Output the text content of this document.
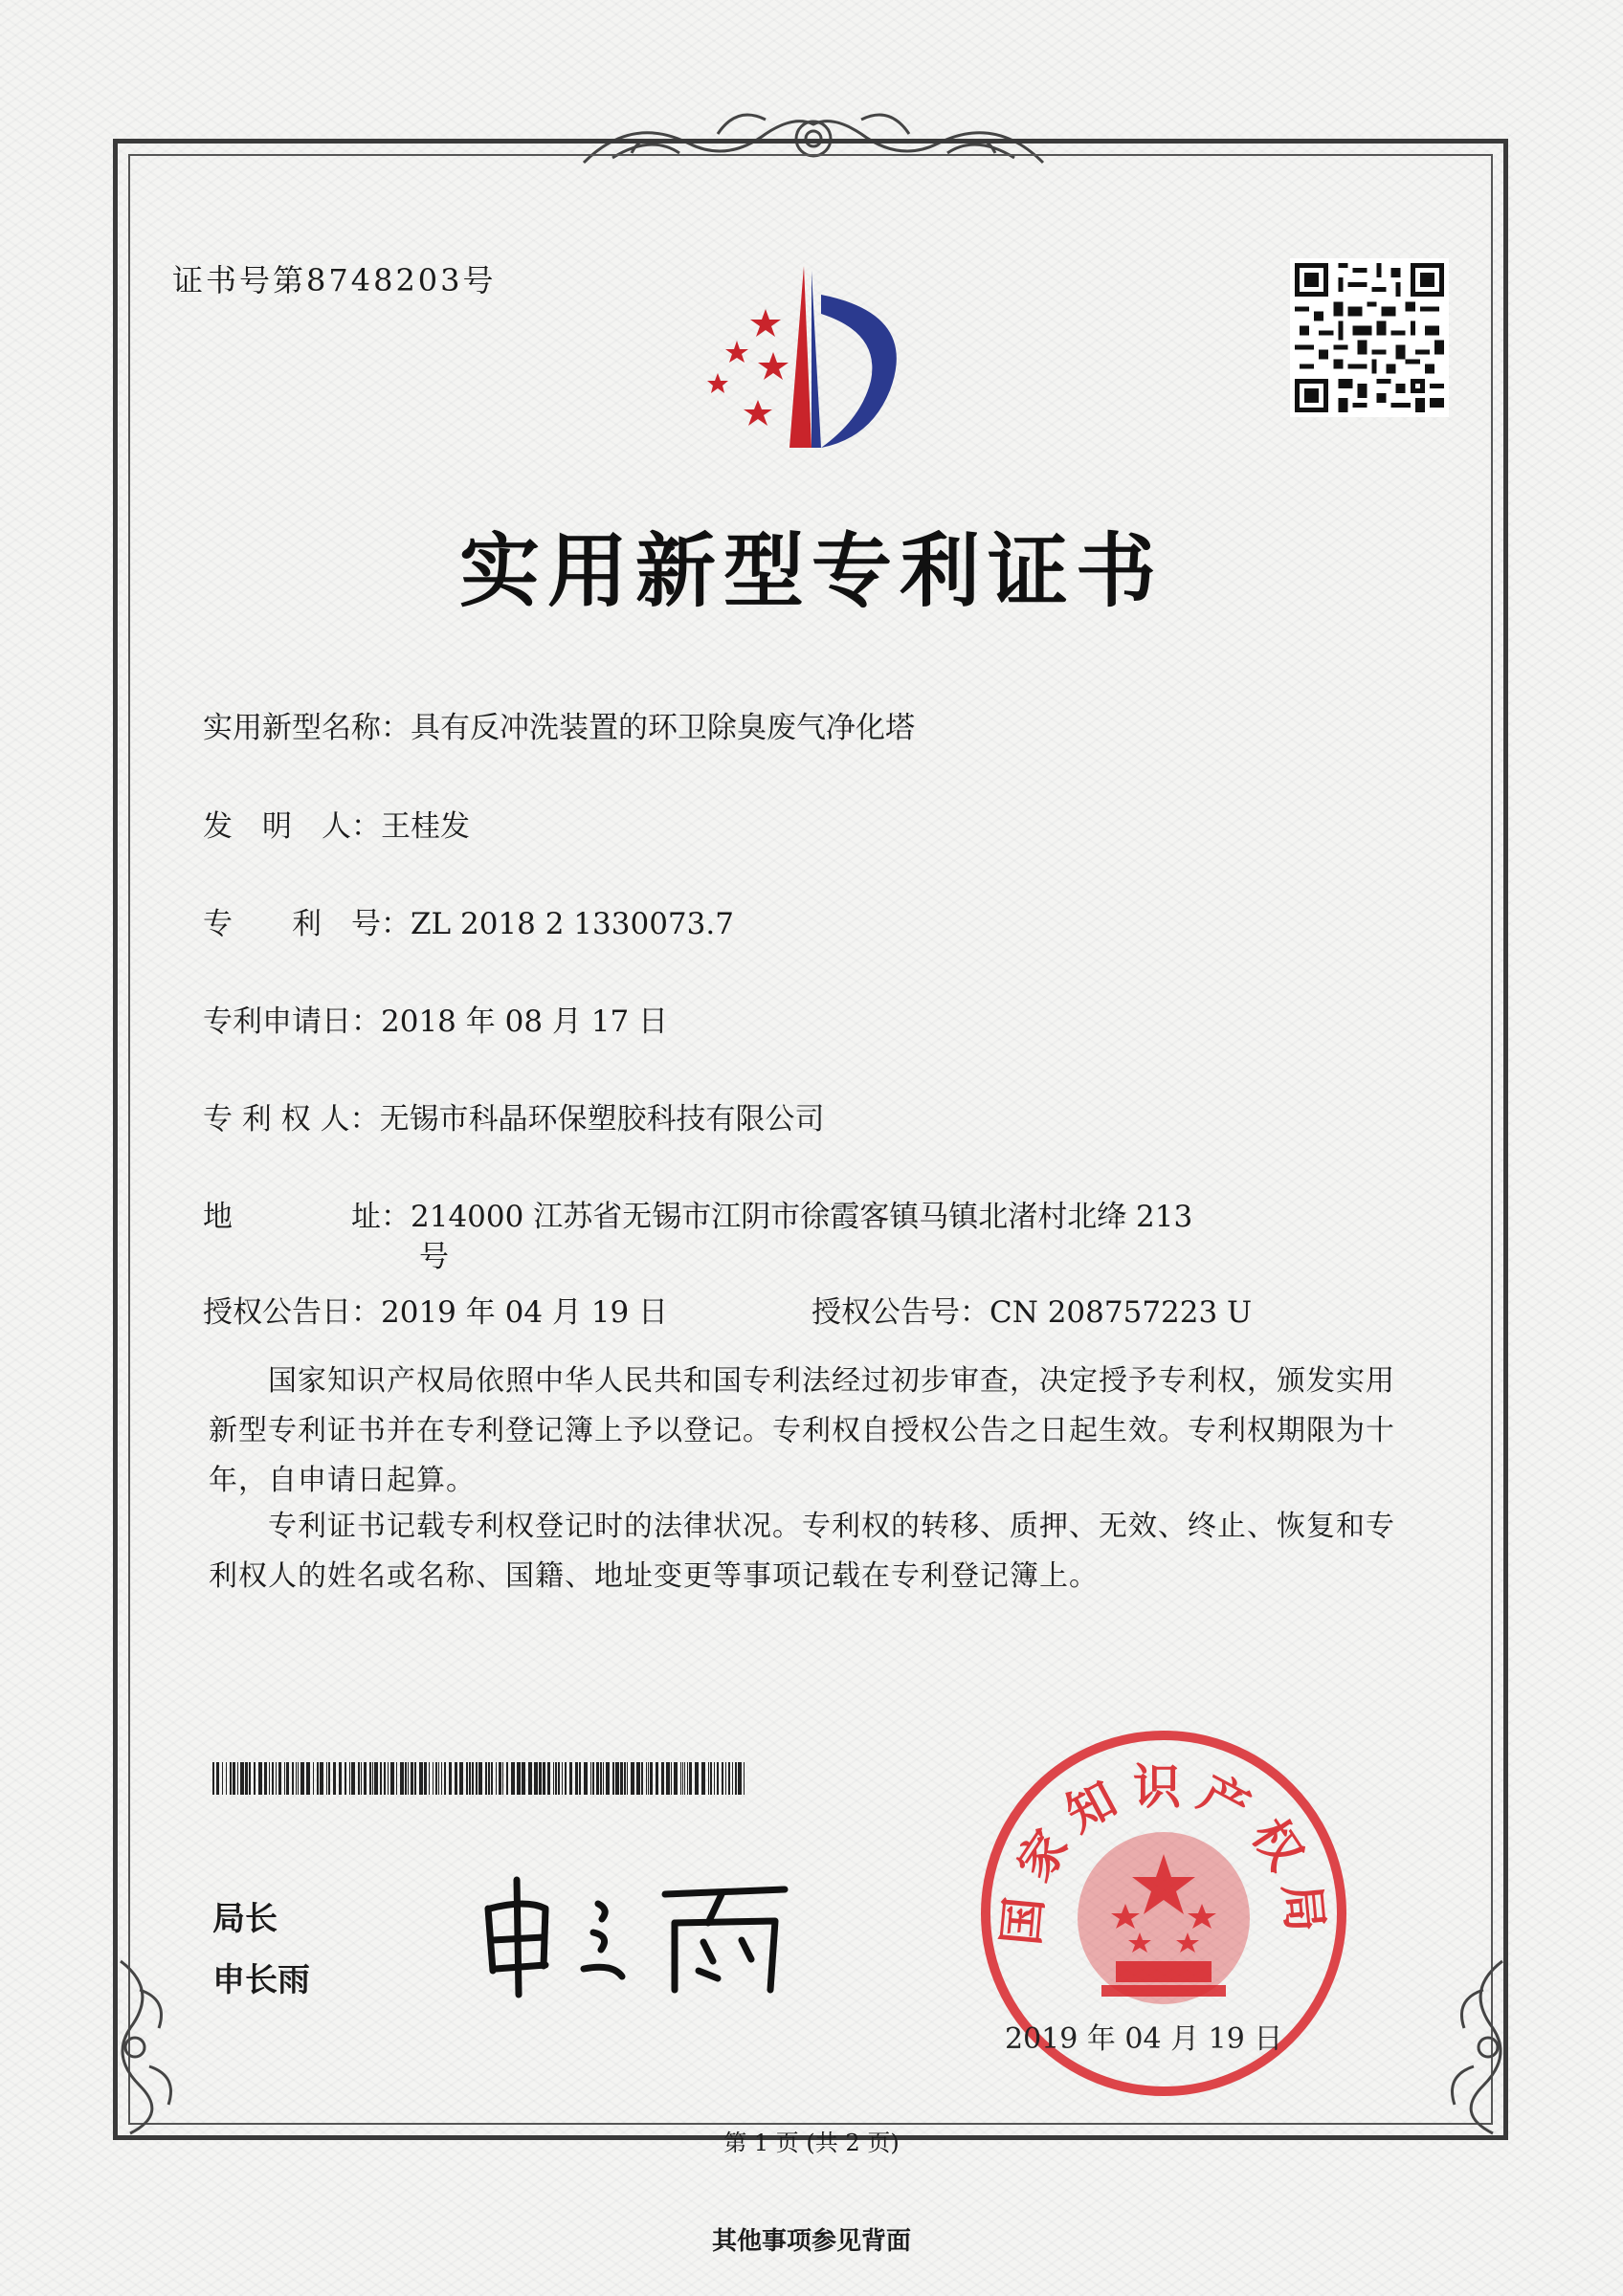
证书号第8748203号
实用新型专利证书
实用新型名称：具有反冲洗装置的环卫除臭废气净化塔
发　明　人：王桂发
专　　利　号：ZL 2018 2 1330073.7
专利申请日：2018 年 08 月 17 日
专 利 权 人：无锡市科晶环保塑胶科技有限公司
地　　　　址：214000 江苏省无锡市江阴市徐霞客镇马镇北渚村北绛 213
号
授权公告日：2019 年 04 月 19 日	授权公告号：CN 208757223 U
国家知识产权局依照中华人民共和国专利法经过初步审查，决定授予专利权，颁发实用
新型专利证书并在专利登记簿上予以登记。专利权自授权公告之日起生效。专利权期限为十
年，自申请日起算。
专利证书记载专利权登记时的法律状况。专利权的转移、质押、无效、终止、恢复和专
利权人的姓名或名称、国籍、地址变更等事项记载在专利登记簿上。
局长
申长雨
国家知识产权局
2019 年 04 月 19 日
第 1 页 (共 2 页)
其他事项参见背面
